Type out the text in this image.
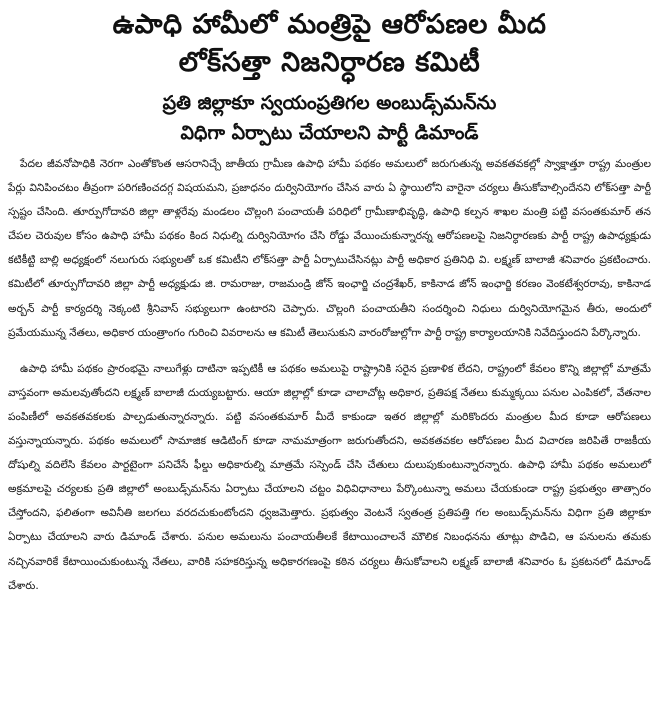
ఉపాధి హామీలో మంత్రిపై ఆరోపణల మీద
లోక్‌సత్తా నిజనిర్ధారణ కమిటీ
ప్రతి జిల్లాకూ స్వయంప్రతిగల అంబుడ్స్‌మన్‌ను
విధిగా ఏర్పాటు చేయాలని పార్టీ డిమాండ్

పేదల జీవనోపాధికి నెరగా ఎంతోకొంత ఆసరానిచ్చే జాతీయ గ్రామీణ ఉపాధి హామీ పథకం అమలులో జరుగుతున్న అవకతవకల్లో స్వాక్షాత్తూ రాష్ట్ర మంత్రుల పేర్లు వినిపించటం తీవ్రంగా పరిగణించదగ్గ విషయమని, ప్రజాధనం దుర్వినియోగం చేసిన వారు ఏ స్థాయిలోని వారైనా చర్యలు తీసుకోవాల్సిందేనని లోక్‌సత్తా పార్టీ స్పష్టం చేసింది. తూర్పుగోదావరి జిల్లా తాళ్లరేవు మండలం చొల్లంగి పంచాయతీ పరిధిలో గ్రామీణాభివృద్ధి, ఉపాధి కల్పన శాఖల మంత్రి పట్టి వసంతకుమార్ తన చేపల చెరువుల కోసం ఉపాధి హామీ పథకం కింద నిధుల్ని దుర్వినియోగం చేసి రోడ్డు వేయించుకున్నారన్న ఆరోపణలపై నిజనిర్ధారణకు పార్టీ రాష్ట్ర ఉపాధ్యక్షుడు కటికీట్టి బాల్లి అధ్యక్షంలో నలుగురు సభ్యులతో ఒక కమిటీని లోక్‌సత్తా పార్టీ ఏర్పాటుచేసినట్లు పార్టీ అధికార ప్రతినిధి వి. లక్ష్మణ్ బాలాజీ శనివారం ప్రకటించారు. కమిటీలో తూర్పుగోదావరి జిల్లా పార్టీ అధ్యక్షుడు జి. రామరాజు, రాజమండ్రి జోన్ ఇంఛార్జి చంద్రశేఖర్, కాకినాడ జోన్ ఇంఛార్జి కరణం వెంకటేశ్వరరావు, కాకినాడ అర్బన్ పార్టీ కార్యదర్శి నెక్కంటి శ్రీనివాస్ సభ్యులుగా ఉంటారని చెప్పారు. చొల్లంగి పంచాయతీని సందర్శించి నిధులు దుర్వినియోగమైన తీరు, అందులో ప్రమేయమున్న నేతలు, అధికార యంత్రాంగం గురించి వివరాలను ఆ కమిటీ తెలుసుకుని వారంరోజుల్లోగా పార్టీ రాష్ట్ర కార్యాలయానికి నివేదిస్తుందని పేర్కొన్నారు.

ఉపాధి హామీ పథకం ప్రారంభమై నాలుగేళ్లు దాటినా ఇప్పటికీ ఆ పథకం అమలుపై రాష్ట్రానికి సరైన ప్రణాళిక లేదని, రాష్ట్రంలో కేవలం కొన్ని జిల్లాల్లో మాత్రమే వాస్తవంగా అమలవుతోందని లక్ష్మణ్ బాలాజీ దుయ్యబట్టారు. ఆయా జిల్లాల్లో కూడా చాలాచోట్ల అధికార, ప్రతిపక్ష నేతలు కుమ్మక్కయి పనుల ఎంపికలో, వేతనాల పంపిణీలో అవకతవకలకు పాల్పడుతున్నారన్నారు. పట్టి వసంతకుమార్ మీదే కాకుండా ఇతర జిల్లాల్లో మరికొందరు మంత్రుల మీద కూడా ఆరోపణలు వస్తున్నాయన్నారు. పథకం అమలులో సామాజిక ఆడిటింగ్ కూడా నామమాత్రంగా జరుగుతోందని, అవకతవకల ఆరోపణల మీద విచారణ జరిపితే రాజకీయ దోషుల్ని వదిలేసి కేవలం పార్టటైంగా పనిచేసే ఫీల్డు అధికారుల్ని మాత్రమే సస్పెండ్ చేసి చేతులు దులుపుకుంటున్నారన్నారు. ఉపాధి హామీ పథకం అమలులో అక్రమాలపై చర్యలకు ప్రతి జిల్లాలో అంబుడ్స్‌మన్‌ను ఏర్పాటు చేయాలని చట్టం విధివిధానాలు పేర్కొంటున్నా అమలు చేయకుండా రాష్ట్ర ప్రభుత్వం తాత్సారం చేస్తోందని, ఫలితంగా అవినీతి జలగలు వరదచుకుంటోందని ధ్వజమెత్తారు. ప్రభుత్వం వెంటనే స్వతంత్ర ప్రతిపత్తి గల అంబుడ్స్‌మన్‌ను విధిగా ప్రతి జిల్లాకూ ఏర్పాటు చేయాలని వారు డిమాండ్ చేశారు. పనుల అమలును పంచాయతీలకే కేటాయించాలనే మౌలిక నిబంధనను తూట్లు పొడిచి, ఆ పనులను తమకు నచ్చినవారికే కేటాయించుకుంటున్న నేతలు, వారికి సహకరిస్తున్న అధికారగణంపై కఠిన చర్యలు తీసుకోవాలని లక్ష్మణ్ బాలాజీ శనివారం ఓ ప్రకటనలో డిమాండ్ చేశారు.
